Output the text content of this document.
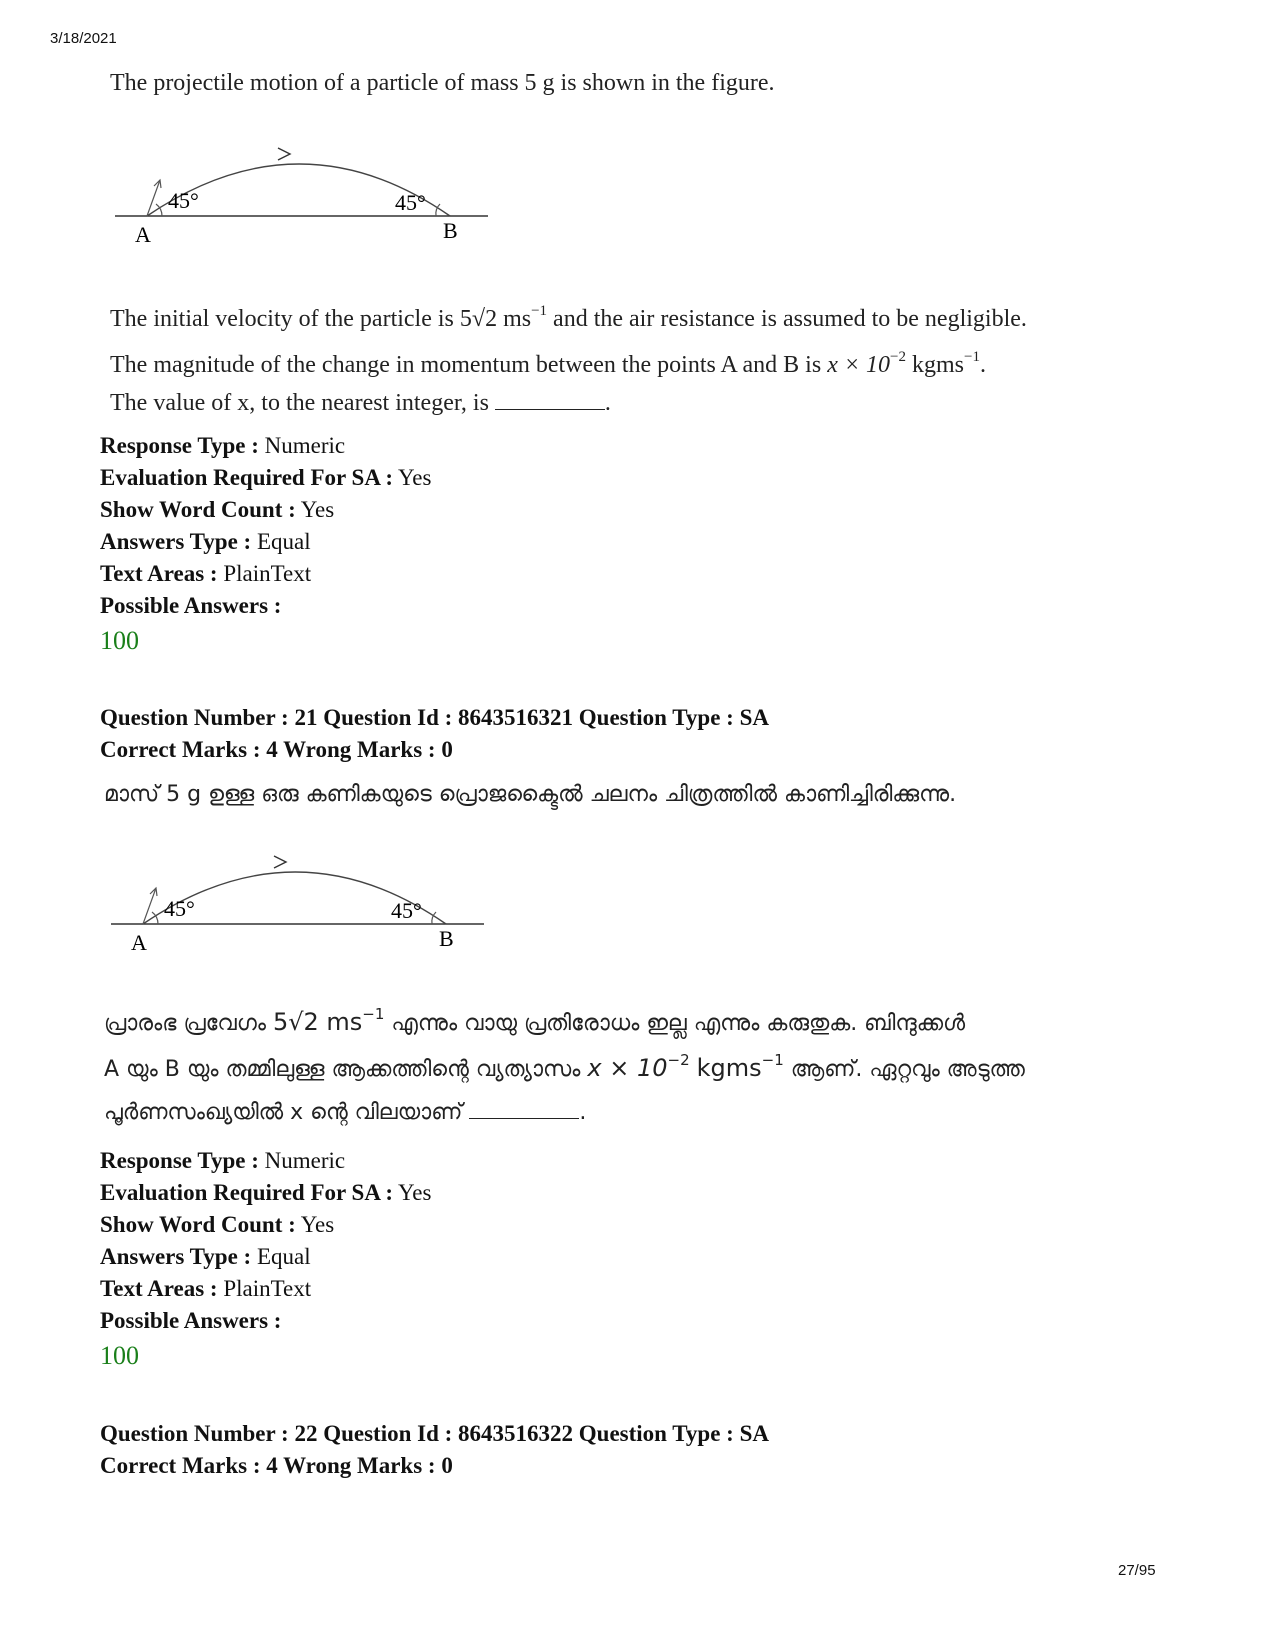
3/18/2021
The projectile motion of a particle of mass 5 g is shown in the figure.
45°	45°
A	B
The initial velocity of the particle is 5√2 $ms^{-1}$ and the air resistance is assumed to be negligible.
The magnitude of the change in momentum between the points A and B is $x \times 10^{-2}$ kgms$^{-1}$.
The value of x, to the nearest integer, is	.
Response Type : Numeric
Evaluation Required For SA : Yes
Show Word Count : Yes
Answers Type : Equal
Text Areas : PlainText
Possible Answers :
100
Question Number : 21 Question Id : 8643516321 Question Type : SA
Correct Marks : 4 Wrong Marks : 0
മാസ് 5 g ഉള്ള ഒരു കണികയുടെ പ്രൊജക്ടൈൽ ചലനം ചിത്രത്തിൽ കാണിച്ചിരിക്കുന്നു.
45°	45°
A	B
പ്രാരംഭ പ്രവേഗം 5√2 $ms^{-1}$ എന്നും വായു പ്രതിരോധം ഇല്ല എന്നും കരുതുക. ബിന്ദുക്കൾ
A യും B യും തമ്മിലുള്ള ആക്കത്തിന്റെ വ്യത്യാസം $x \times 10^{-2}$ kgms$^{-1}$ ആണ്. ഏറ്റവും അടുത്ത
പൂർണസംഖ്യയിൽ x ന്റെ വിലയാണ്	.
Response Type : Numeric
Evaluation Required For SA : Yes
Show Word Count : Yes
Answers Type : Equal
Text Areas : PlainText
Possible Answers :
100
Question Number : 22 Question Id : 8643516322 Question Type : SA
Correct Marks : 4 Wrong Marks : 0
27/95
